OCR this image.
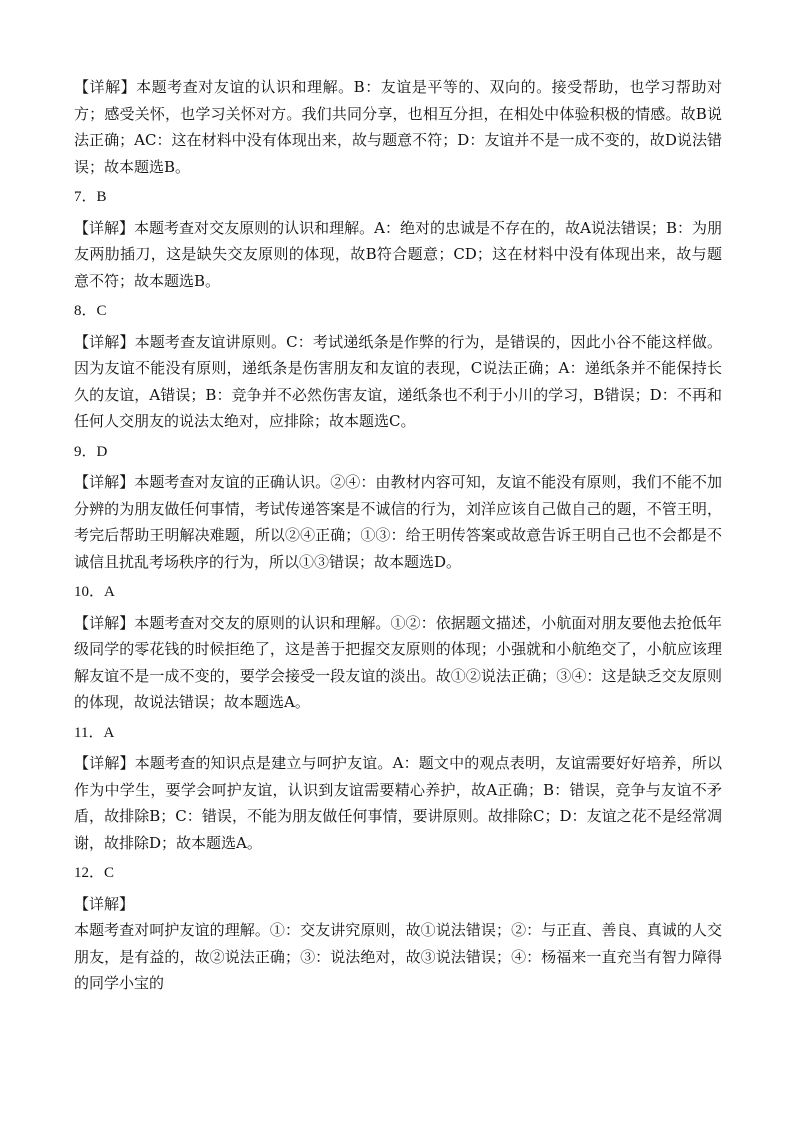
【详解】本题考查对友谊的认识和理解。B：友谊是平等的、双向的。接受帮助，也学习帮助对方；感受关怀，也学习关怀对方。我们共同分享，也相互分担，在相处中体验积极的情感。故B说法正确；AC：这在材料中没有体现出来，故与题意不符；D：友谊并不是一成不变的，故D说法错误；故本题选B。

7．B

【详解】本题考查对交友原则的认识和理解。A：绝对的忠诚是不存在的，故A说法错误；B：为朋友两肋插刀，这是缺失交友原则的体现，故B符合题意；CD；这在材料中没有体现出来，故与题意不符；故本题选B。

8．C

【详解】本题考查友谊讲原则。C：考试递纸条是作弊的行为，是错误的，因此小谷不能这样做。因为友谊不能没有原则，递纸条是伤害朋友和友谊的表现，C说法正确；A：递纸条并不能保持长久的友谊，A错误；B：竞争并不必然伤害友谊，递纸条也不利于小川的学习，B错误；D：不再和任何人交朋友的说法太绝对，应排除；故本题选C。

9．D

【详解】本题考查对友谊的正确认识。②④：由教材内容可知，友谊不能没有原则，我们不能不加分辨的为朋友做任何事情，考试传递答案是不诚信的行为，刘洋应该自己做自己的题，不管王明，考完后帮助王明解决难题，所以②④正确；①③：给王明传答案或故意告诉王明自己也不会都是不诚信且扰乱考场秩序的行为，所以①③错误；故本题选D。

10．A

【详解】本题考查对交友的原则的认识和理解。①②：依据题文描述，小航面对朋友要他去抢低年级同学的零花钱的时候拒绝了，这是善于把握交友原则的体现；小强就和小航绝交了，小航应该理解友谊不是一成不变的，要学会接受一段友谊的淡出。故①②说法正确；③④：这是缺乏交友原则的体现，故说法错误；故本题选A。

11．A

【详解】本题考查的知识点是建立与呵护友谊。A：题文中的观点表明，友谊需要好好培养，所以作为中学生，要学会呵护友谊，认识到友谊需要精心养护，故A正确；B：错误，竞争与友谊不矛盾，故排除B；C：错误，不能为朋友做任何事情，要讲原则。故排除C；D：友谊之花不是经常凋谢，故排除D；故本题选A。

12．C

【详解】

本题考查对呵护友谊的理解。①：交友讲究原则，故①说法错误；②：与正直、善良、真诚的人交朋友，是有益的，故②说法正确；③：说法绝对，故③说法错误；④：杨福来一直充当有智力障得的同学小宝的
